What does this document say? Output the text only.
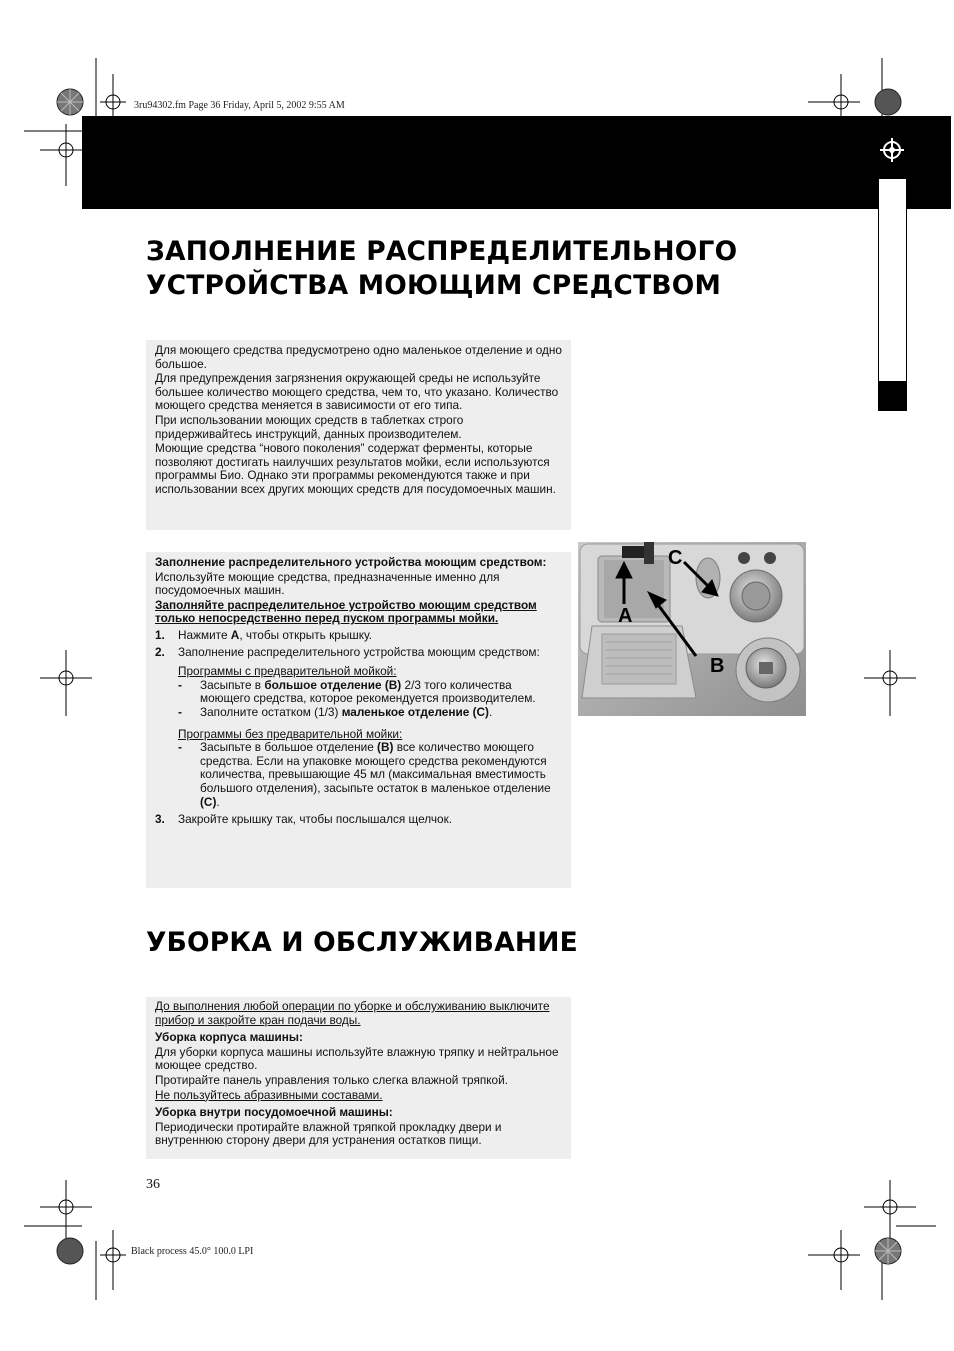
3ru94302.fm Page 36 Friday, April 5, 2002 9:55 AM
Black process 45.0° 100.0 LPI
ЗАПОЛНЕНИЕ РАСПРЕДЕЛИТЕЛЬНОГО
УСТРОЙСТВА МОЮЩИМ СРЕДСТВОМ

Для моющего средства предусмотрено одно маленькое отделение и одно большое.

Для предупреждения загрязнения окружающей среды не используйте большее количество моющего средства, чем то, что указано. Количество моющего средства меняется в зависимости от его типа.

При использовании моющих средств в таблетках строго придерживайтесь инструкций, данных производителем.

Моющие средства “нового поколения” содержат ферменты, которые позволяют достигать наилучших результатов мойки, если используются программы Био. Однако эти программы рекомендуются также и при использовании всех других моющих средств для посудомоечных машин.

Заполнение распределительного устройства моющим средством:

Используйте моющие средства, предназначенные именно для посудомоечных машин.

Заполняйте распределительное устройство моющим средством только непосредственно перед пуском программы мойки.

1. Нажмите A, чтобы открыть крышку.
2. Заполнение распределительного устройства моющим средством:
Программы с предварительной мойкой:
- Засыпьте в большое отделение (B) 2/3 того количества моющего средства, которое рекомендуется производителем.
- Заполните остатком (1/3) маленькое отделение (C).
Программы без предварительной мойки:
- Засыпьте в большое отделение (B) все количество моющего средства. Если на упаковке моющего средства рекомендуются количества, превышающие 45 мл (максимальная вместимость большого отделения), засыпьте остаток в маленькое отделение (C).
3. Закройте крышку так, чтобы послышался щелчок.
A
B
C
УБОРКА И ОБСЛУЖИВАНИЕ

До выполнения любой операции по уборке и обслуживанию выключите прибор и закройте кран подачи воды.

Уборка корпуса машины:

Для уборки корпуса машины используйте влажную тряпку и нейтральное моющее средство.

Протирайте панель управления только слегка влажной тряпкой.

Не пользуйтесь абразивными составами.

Уборка внутри посудомоечной машины:

Периодически протирайте влажной тряпкой прокладку двери и внутреннюю сторону двери для устранения остатков пищи.

36
